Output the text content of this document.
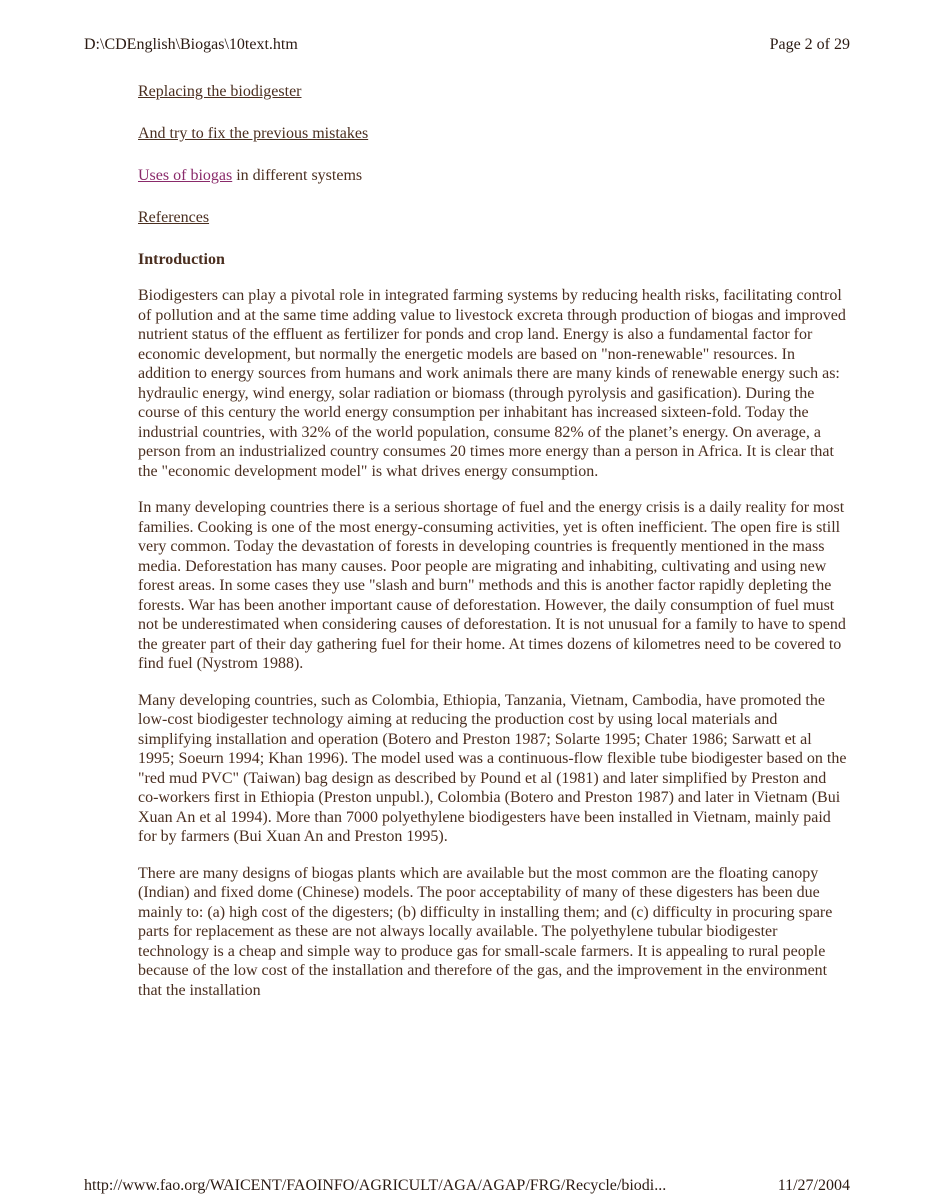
D:\CDEnglish\Biogas\10text.htm	Page 2 of 29
Replacing the biodigester
And try to fix the previous mistakes
Uses of biogas in different systems
References
Introduction

Biodigesters can play a pivotal role in integrated farming systems by reducing health risks, facilitating control of pollution and at the same time adding value to livestock excreta through production of biogas and improved nutrient status of the effluent as fertilizer for ponds and crop land. Energy is also a fundamental factor for economic development, but normally the energetic models are based on "non-renewable" resources. In addition to energy sources from humans and work animals there are many kinds of renewable energy such as: hydraulic energy, wind energy, solar radiation or biomass (through pyrolysis and gasification). During the course of this century the world energy consumption per inhabitant has increased sixteen-fold. Today the industrial countries, with 32% of the world population, consume 82% of the planet’s energy. On average, a person from an industrialized country consumes 20 times more energy than a person in Africa. It is clear that the "economic development model" is what drives energy consumption.

In many developing countries there is a serious shortage of fuel and the energy crisis is a daily reality for most families. Cooking is one of the most energy-consuming activities, yet is often inefficient. The open fire is still very common. Today the devastation of forests in developing countries is frequently mentioned in the mass media. Deforestation has many causes. Poor people are migrating and inhabiting, cultivating and using new forest areas. In some cases they use "slash and burn" methods and this is another factor rapidly depleting the forests. War has been another important cause of deforestation. However, the daily consumption of fuel must not be underestimated when considering causes of deforestation. It is not unusual for a family to have to spend the greater part of their day gathering fuel for their home. At times dozens of kilometres need to be covered to find fuel (Nystrom 1988).

Many developing countries, such as Colombia, Ethiopia, Tanzania, Vietnam, Cambodia, have promoted the low-cost biodigester technology aiming at reducing the production cost by using local materials and simplifying installation and operation (Botero and Preston 1987; Solarte 1995; Chater 1986; Sarwatt et al 1995; Soeurn 1994; Khan 1996). The model used was a continuous-flow flexible tube biodigester based on the "red mud PVC" (Taiwan) bag design as described by Pound et al (1981) and later simplified by Preston and co-workers first in Ethiopia (Preston unpubl.), Colombia (Botero and Preston 1987) and later in Vietnam (Bui Xuan An et al 1994). More than 7000 polyethylene biodigesters have been installed in Vietnam, mainly paid for by farmers (Bui Xuan An and Preston 1995).

There are many designs of biogas plants which are available but the most common are the floating canopy (Indian) and fixed dome (Chinese) models. The poor acceptability of many of these digesters has been due mainly to: (a) high cost of the digesters; (b) difficulty in installing them; and (c) difficulty in procuring spare parts for replacement as these are not always locally available. The polyethylene tubular biodigester technology is a cheap and simple way to produce gas for small-scale farmers. It is appealing to rural people because of the low cost of the installation and therefore of the gas, and the improvement in the environment that the installation

http://www.fao.org/WAICENT/FAOINFO/AGRICULT/AGA/AGAP/FRG/Recycle/biodi...	11/27/2004
